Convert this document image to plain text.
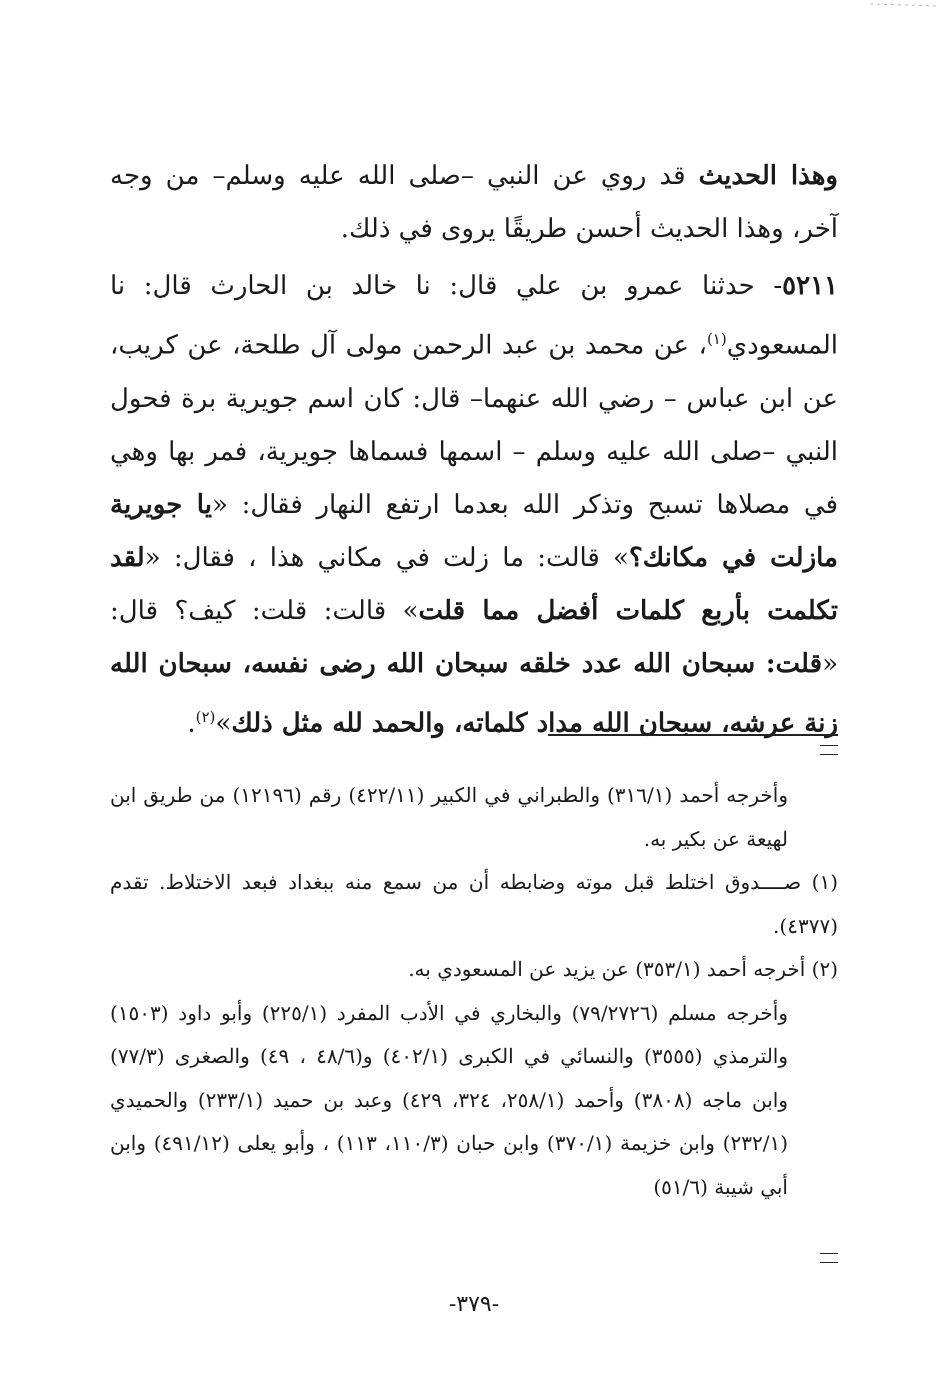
وهذا الحديث قد روي عن النبي –صلى الله عليه وسلم– من وجه آخر، وهذا الحديث أحسن طريقًا يروى في ذلك.

٥٢١١- حدثنا عمرو بن علي قال: نا خالد بن الحارث قال: نا المسعودي$^{(١)}$، عن محمد بن عبد الرحمن مولى آل طلحة، عن كريب، عن ابن عباس – رضي الله عنهما– قال: كان اسم جويرية برة فحول النبي –صلى الله عليه وسلم – اسمها فسماها جويرية، فمر بها وهي في مصلاها تسبح وتذكر الله بعدما ارتفع النهار فقال: «يا جويرية مازلت في مكانك؟» قالت: ما زلت في مكاني هذا ، فقال: «لقد تكلمت بأربع كلمات أفضل مما قلت» قالت: قلت: كيف؟ قال: «قلت: سبحان الله عدد خلقه سبحان الله رضى نفسه، سبحان الله زنة عرشه، سبحان الله مداد كلماته، والحمد لله مثل ذلك»$^{(٢)}$.

وأخرجه أحمد (٣١٦/١) والطبراني في الكبير (٤٢٢/١١) رقم (١٢١٩٦) من طريق ابن لهيعة عن بكير به.

(١) صــــدوق اختلط قبل موته وضابطه أن من سمع منه ببغداد فبعد الاختلاط. تقدم (٤٣٧٧).

(٢) أخرجه أحمد (٣٥٣/١) عن يزيد عن المسعودي به.

وأخرجه مسلم (٧٩/٢٧٢٦) والبخاري في الأدب المفرد (٢٢٥/١) وأبو داود (١٥٠٣) والترمذي (٣٥٥٥) والنسائي في الكبرى (٤٠٢/١) و(٤٨/٦ ، ٤٩) والصغرى (٧٧/٣) وابن ماجه (٣٨٠٨) وأحمد (٢٥٨/١، ٣٢٤، ٤٢٩) وعبد بن حميد (٢٣٣/١) والحميدي (٢٣٢/١) وابن خزيمة (٣٧٠/١) وابن حبان (١١٠/٣، ١١٣) ، وأبو يعلى (٤٩١/١٢) وابن أبي شيبة (٥١/٦)

-٣٧٩-
